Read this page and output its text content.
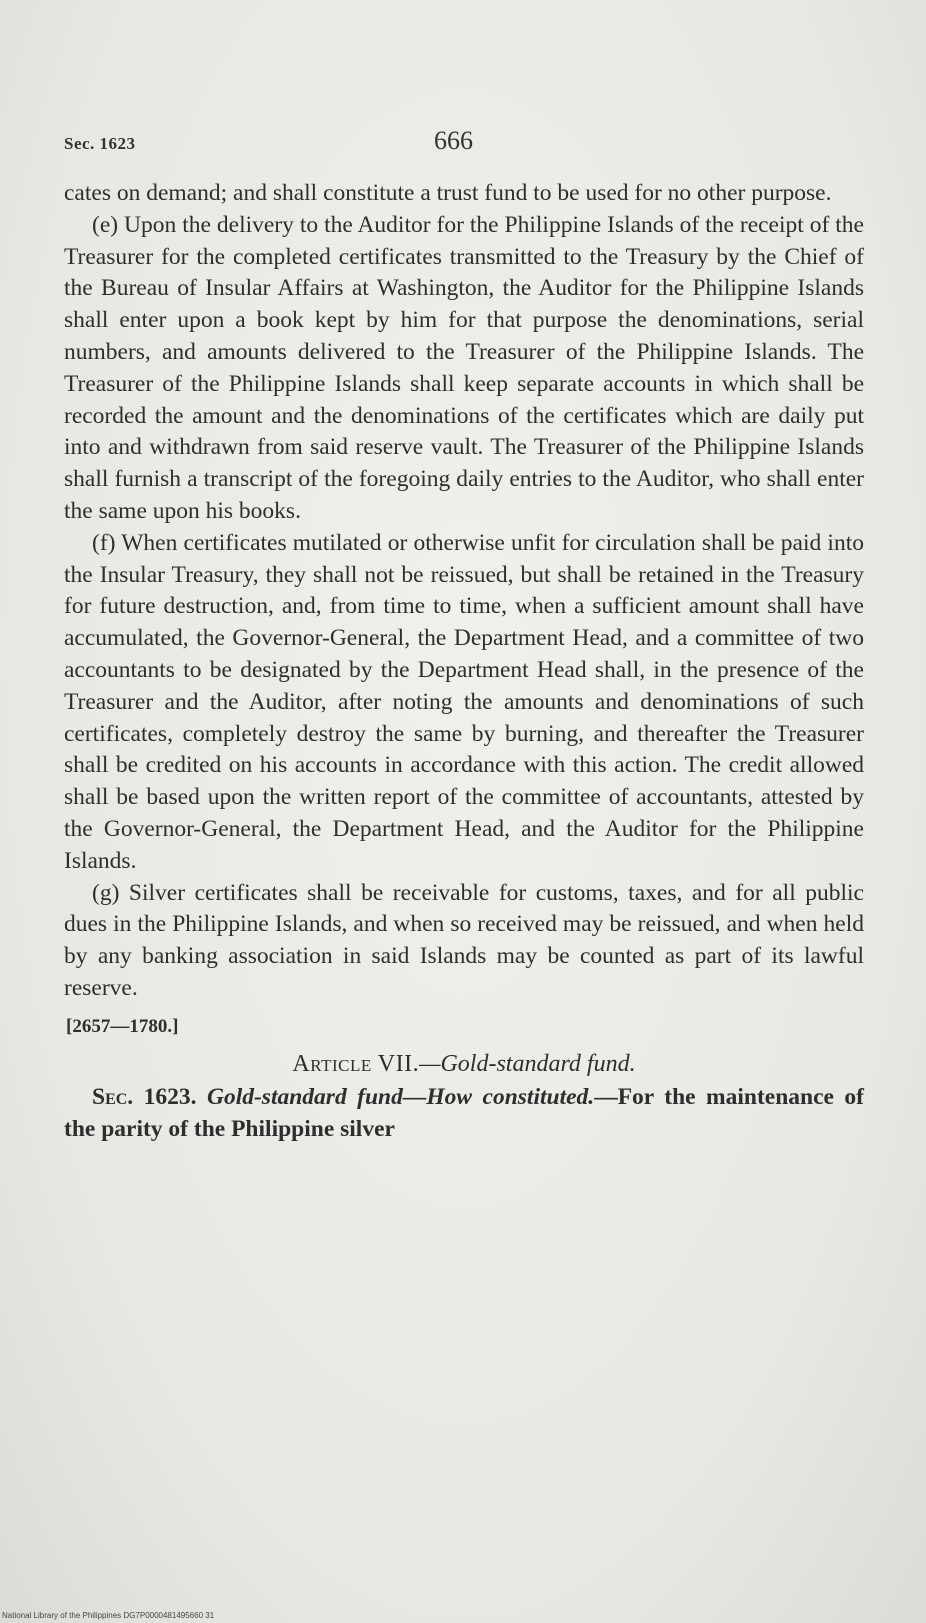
Sec. 1623	666

cates on demand; and shall constitute a trust fund to be used for no other purpose.

(e) Upon the delivery to the Auditor for the Philippine Islands of the receipt of the Treasurer for the completed certificates transmitted to the Treasury by the Chief of the Bureau of Insular Affairs at Washington, the Auditor for the Philippine Islands shall enter upon a book kept by him for that purpose the denominations, serial numbers, and amounts delivered to the Treasurer of the Philippine Islands. The Treasurer of the Philippine Islands shall keep separate accounts in which shall be recorded the amount and the denominations of the certificates which are daily put into and withdrawn from said reserve vault. The Treasurer of the Philippine Islands shall furnish a transcript of the foregoing daily entries to the Auditor, who shall enter the same upon his books.

(f) When certificates mutilated or otherwise unfit for circulation shall be paid into the Insular Treasury, they shall not be reissued, but shall be retained in the Treasury for future destruction, and, from time to time, when a sufficient amount shall have accumulated, the Governor-General, the Department Head, and a committee of two accountants to be designated by the Department Head shall, in the presence of the Treasurer and the Auditor, after noting the amounts and denominations of such certificates, completely destroy the same by burning, and thereafter the Treasurer shall be credited on his accounts in accordance with this action. The credit allowed shall be based upon the written report of the committee of accountants, attested by the Governor-General, the Department Head, and the Auditor for the Philippine Islands.

(g) Silver certificates shall be receivable for customs, taxes, and for all public dues in the Philippine Islands, and when so received may be reissued, and when held by any banking association in said Islands may be counted as part of its lawful reserve.

[2657—1780.]

Article VII.—Gold-standard fund.

Sec. 1623. Gold-standard fund—How constituted.—For the maintenance of the parity of the Philippine silver

National Library of the Philippines DG7P0000481495660 31
